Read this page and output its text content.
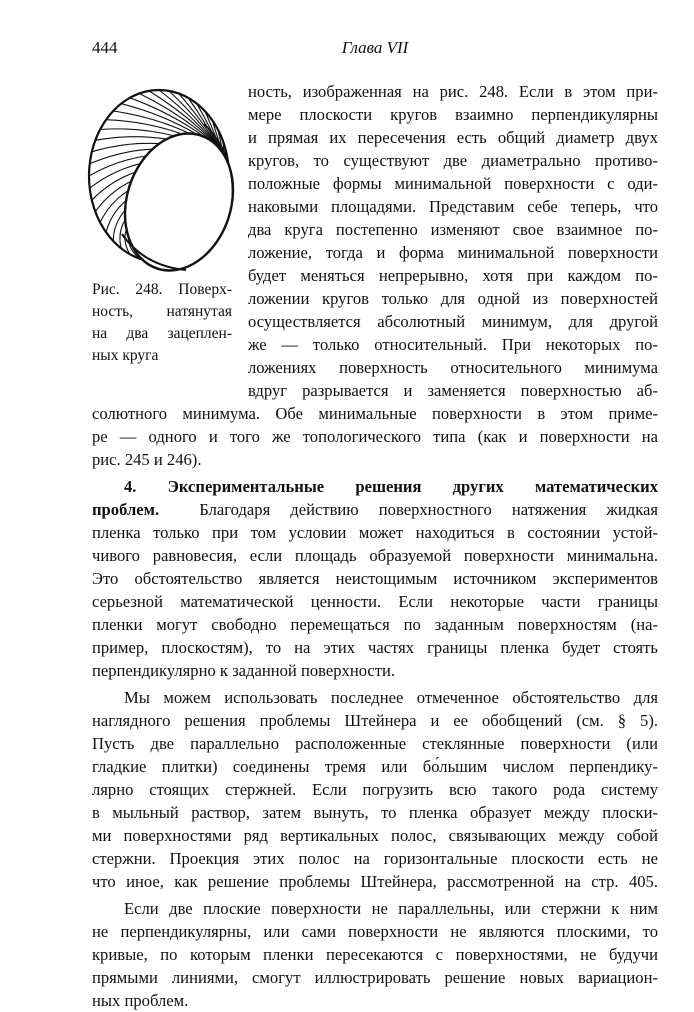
444	Глава VII
Рис. 248. Поверх-
ность, натянутая
на два зацеплен-
ных круга
ность, изображенная на рис. 248. Если в этом при-
мере плоскости кругов взаимно перпендикулярны
и прямая их пересечения есть общий диаметр двух
кругов, то существуют две диаметрально противо-
положные формы минимальной поверхности с оди-
наковыми площадями. Представим себе теперь, что
два круга постепенно изменяют свое взаимное по-
ложение, тогда и форма минимальной поверхности
будет меняться непрерывно, хотя при каждом по-
ложении кругов только для одной из поверхностей
осуществляется абсолютный минимум, для другой
же — только относительный. При некоторых по-
ложениях поверхность относительного минимума
вдруг разрывается и заменяется поверхностью аб-
солютного минимума. Обе минимальные поверхности в этом приме-
ре — одного и того же топологического типа (как и поверхности на
рис. 245 и 246).
4. Экспериментальные решения других математических
проблем. Благодаря действию поверхностного натяжения жидкая
пленка только при том условии может находиться в состоянии устой-
чивого равновесия, если площадь образуемой поверхности минимальна.
Это обстоятельство является неистощимым источником экспериментов
серьезной математической ценности. Если некоторые части границы
пленки могут свободно перемещаться по заданным поверхностям (на-
пример, плоскостям), то на этих частях границы пленка будет стоять
перпендикулярно к заданной поверхности.
Мы можем использовать последнее отмеченное обстоятельство для
наглядного решения проблемы Штейнера и ее обобщений (см. § 5).
Пусть две параллельно расположенные стеклянные поверхности (или
гладкие плитки) соединены тремя или бо́льшим числом перпендику-
лярно стоящих стержней. Если погрузить всю такого рода систему
в мыльный раствор, затем вынуть, то пленка образует между плоски-
ми поверхностями ряд вертикальных полос, связывающих между собой
стержни. Проекция этих полос на горизонтальные плоскости есть не
что иное, как решение проблемы Штейнера, рассмотренной на стр. 405.
Если две плоские поверхности не параллельны, или стержни к ним
не перпендикулярны, или сами поверхности не являются плоскими, то
кривые, по которым пленки пересекаются с поверхностями, не будучи
прямыми линиями, смогут иллюстрировать решение новых вариацион-
ных проблем.
